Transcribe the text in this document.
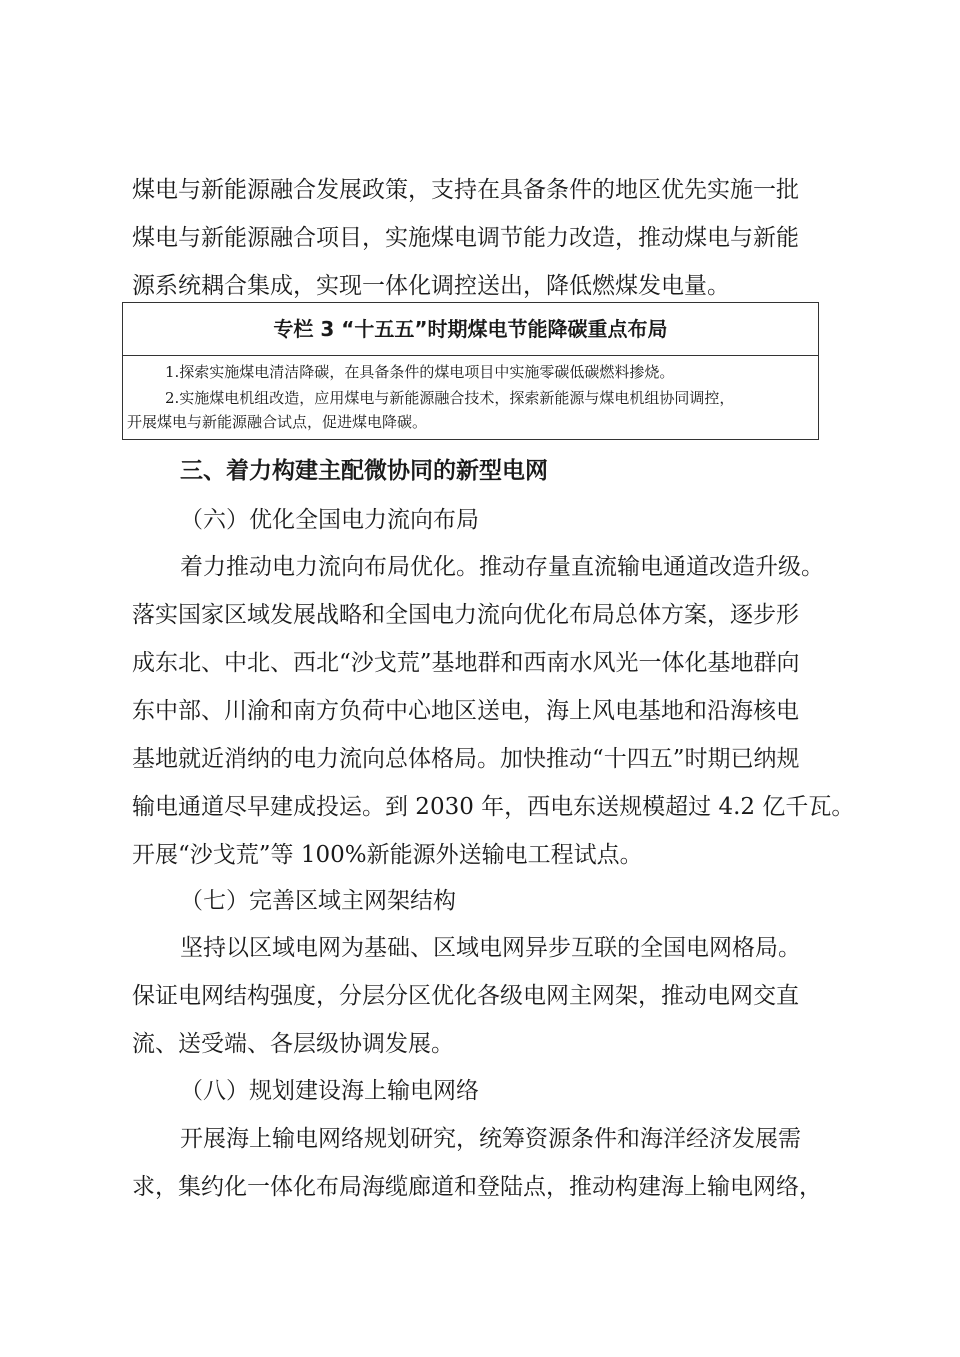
煤电与新能源融合发展政策，支持在具备条件的地区优先实施一批
煤电与新能源融合项目，实施煤电调节能力改造，推动煤电与新能
源系统耦合集成，实现一体化调控送出，降低燃煤发电量。
专栏 3 “十五五”时期煤电节能降碳重点布局
1.探索实施煤电清洁降碳，在具备条件的煤电项目中实施零碳低碳燃料掺烧。
2.实施煤电机组改造，应用煤电与新能源融合技术，探索新能源与煤电机组协同调控，
开展煤电与新能源融合试点，促进煤电降碳。
三、着力构建主配微协同的新型电网
（六）优化全国电力流向布局
着力推动电力流向布局优化。推动存量直流输电通道改造升级。
落实国家区域发展战略和全国电力流向优化布局总体方案，逐步形
成东北、中北、西北“沙戈荒”基地群和西南水风光一体化基地群向
东中部、川渝和南方负荷中心地区送电，海上风电基地和沿海核电
基地就近消纳的电力流向总体格局。加快推动“十四五”时期已纳规
输电通道尽早建成投运。到 2030 年，西电东送规模超过 4.2 亿千瓦。
开展“沙戈荒”等 100%新能源外送输电工程试点。
（七）完善区域主网架结构
坚持以区域电网为基础、区域电网异步互联的全国电网格局。
保证电网结构强度，分层分区优化各级电网主网架，推动电网交直
流、送受端、各层级协调发展。
（八）规划建设海上输电网络
开展海上输电网络规划研究，统筹资源条件和海洋经济发展需
求，集约化一体化布局海缆廊道和登陆点，推动构建海上输电网络，
